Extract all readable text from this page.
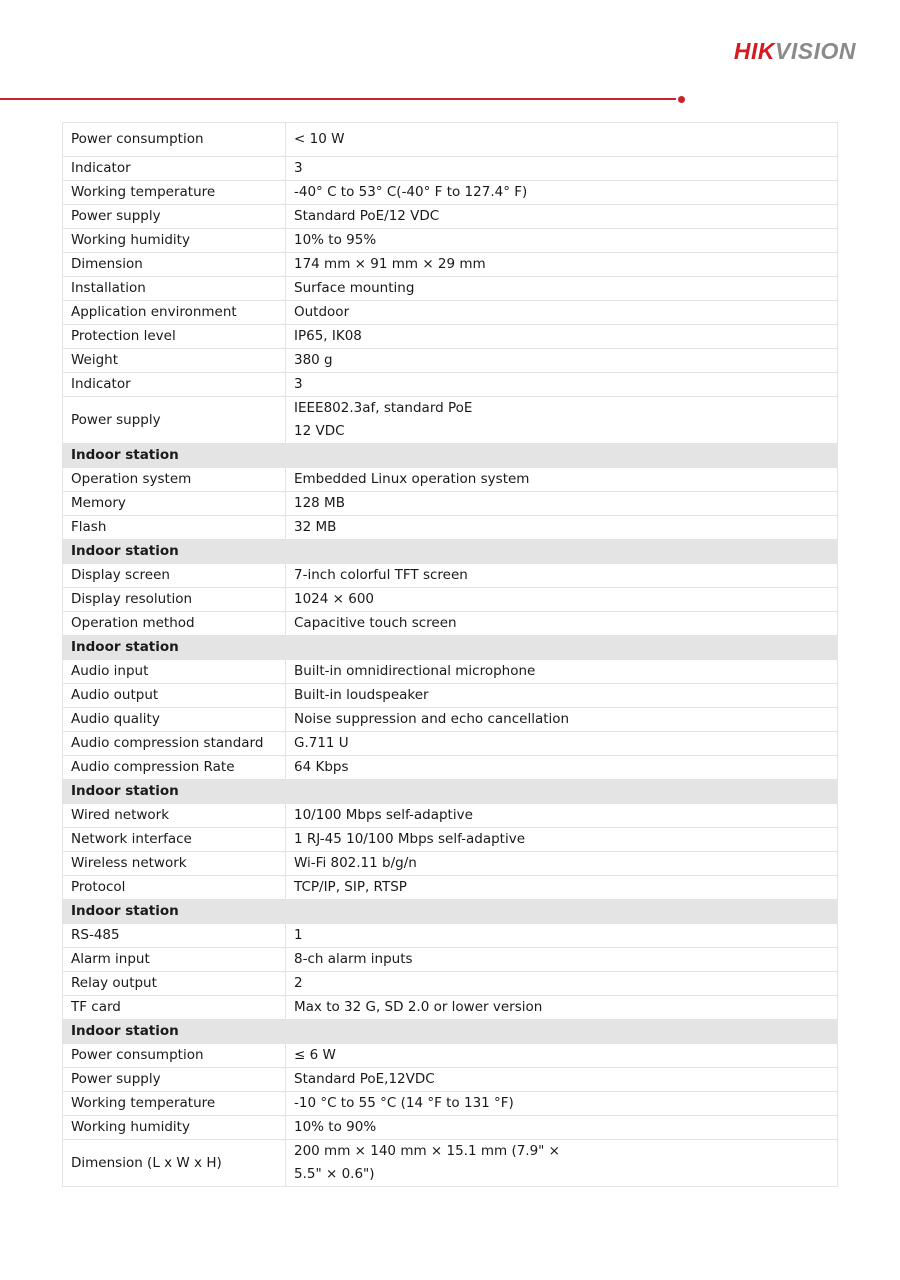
HIKVISION
Power consumption	< 10 W
Indicator	3
Working temperature	-40° C to 53° C(-40° F to 127.4° F)
Power supply	Standard PoE/12 VDC
Working humidity	10% to 95%
Dimension	174 mm × 91 mm × 29 mm
Installation	Surface mounting
Application environment	Outdoor
Protection level	IP65, IK08
Weight	380 g
Indicator	3
Power supply	IEEE802.3af, standard PoE
12 VDC

Indoor station	
Operation system	Embedded Linux operation system
Memory	128 MB
Flash	32 MB
Indoor station	
Display screen	7-inch colorful TFT screen
Display resolution	1024 × 600
Operation method	Capacitive touch screen
Indoor station	
Audio input	Built-in omnidirectional microphone
Audio output	Built-in loudspeaker
Audio quality	Noise suppression and echo cancellation
Audio compression standard	G.711 U
Audio compression Rate	64 Kbps
Indoor station	
Wired network	10/100 Mbps self-adaptive
Network interface	1 RJ-45 10/100 Mbps self-adaptive
Wireless network	Wi-Fi 802.11 b/g/n
Protocol	TCP/IP, SIP, RTSP
Indoor station	
RS-485	1
Alarm input	8-ch alarm inputs
Relay output	2
TF card	Max to 32 G, SD 2.0 or lower version
Indoor station	
Power consumption	≤ 6 W
Power supply	Standard PoE,12VDC
Working temperature	-10 °C to 55 °C (14 °F to 131 °F)
Working humidity	10% to 90%
Dimension (L x W x H)	200 mm × 140 mm × 15.1 mm (7.9" ×
5.5" × 0.6")
